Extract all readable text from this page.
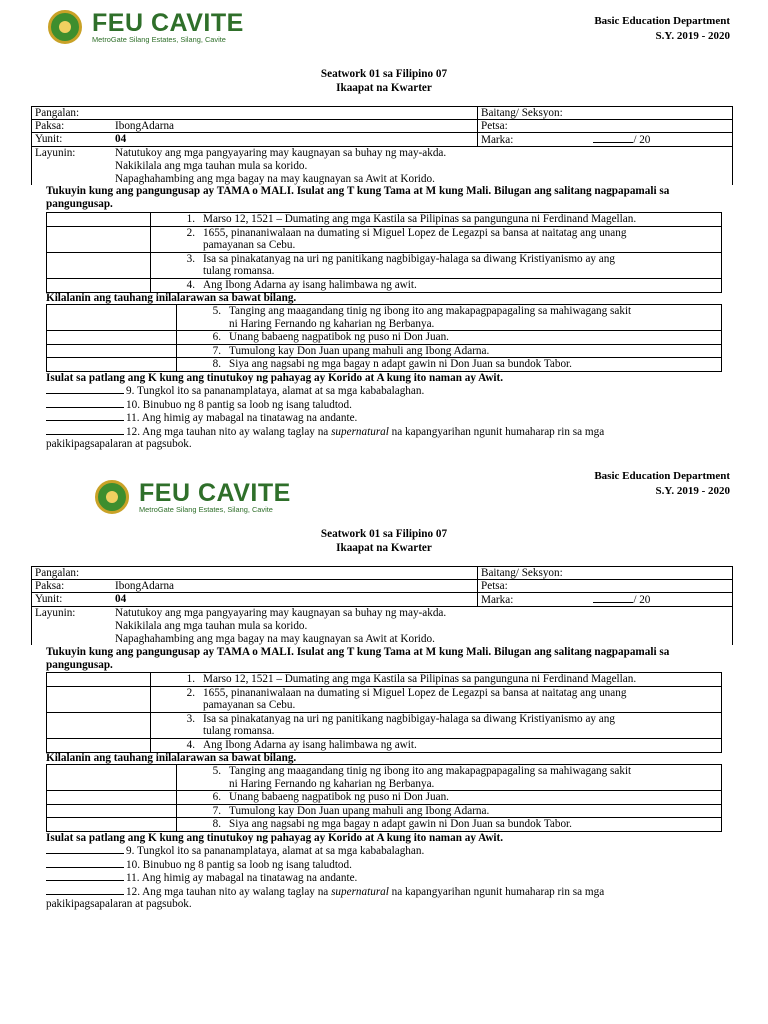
FEU CAVITE
MetroGate Silang Estates, Silang, Cavite
Basic Education Department
S.Y. 2019 - 2020
Seatwork 01 sa Filipino 07
Ikaapat na Kwarter
Pangalan:	Baitang/ Seksyon:
Paksa: IbongAdarna	Petsa:
Yunit: 04	Marka: / 20

Layunin: Natutukoy ang mga pangyayaring may kaugnayan sa buhay ng may-akda.
Nakikilala ang mga tauhan mula sa korido.
Napaghahambing ang mga bagay na may kaugnayan sa Awit at Korido.	
Tukuyin kung ang pangungusap ay TAMA o MALI. Isulat ang T kung Tama at M kung Mali. Bilugan ang salitang nagpapamali sa pangungusap.
	1. Marso 12, 1521 – Dumating ang mga Kastila sa Pilipinas sa pangunguna ni Ferdinand Magellan.
	2. 1655, pinananiwalaan na dumating si Miguel Lopez de Legazpi sa bansa at naitatag ang unang
pamayanan sa Cebu.

	3. Isa sa pinakatanyag na uri ng panitikang nagbibigay-halaga sa diwang Kristiyanismo ay ang
tulang romansa.

	4. Ang Ibong Adarna ay isang halimbawa ng awit.
Kilalanin ang tauhang inilalarawan sa bawat bilang.
	5. Tanging ang maagandang tinig ng ibong ito ang makapagpapagaling sa mahiwagang sakit
ni Haring Fernando ng kaharian ng Berbanya.

	6. Unang babaeng nagpatibok ng puso ni Don Juan.
	7. Tumulong kay Don Juan upang mahuli ang Ibong Adarna.
	8. Siya ang nagsabi ng mga bagay n adapt gawin ni Don Juan sa bundok Tabor.
Isulat sa patlang ang K kung ang tinutukoy ng pahayag ay Korido at A kung ito naman ay Awit.
9. Tungkol ito sa pananamplataya, alamat at sa mga kababalaghan.
10. Binubuo ng 8 pantig sa loob ng isang taludtod.
11. Ang himig ay mabagal na tinatawag na andante.
12. Ang mga tauhan nito ay walang taglay na supernatural na kapangyarihan ngunit humaharap rin sa mga
pakikipagsapalaran at pagsubok.
FEU CAVITE
MetroGate Silang Estates, Silang, Cavite
Basic Education Department
S.Y. 2019 - 2020
Seatwork 01 sa Filipino 07
Ikaapat na Kwarter
Pangalan:	Baitang/ Seksyon:
Paksa: IbongAdarna	Petsa:
Yunit: 04	Marka: / 20

Layunin: Natutukoy ang mga pangyayaring may kaugnayan sa buhay ng may-akda.
Nakikilala ang mga tauhan mula sa korido.
Napaghahambing ang mga bagay na may kaugnayan sa Awit at Korido.	
Tukuyin kung ang pangungusap ay TAMA o MALI. Isulat ang T kung Tama at M kung Mali. Bilugan ang salitang nagpapamali sa pangungusap.
	1. Marso 12, 1521 – Dumating ang mga Kastila sa Pilipinas sa pangunguna ni Ferdinand Magellan.
	2. 1655, pinananiwalaan na dumating si Miguel Lopez de Legazpi sa bansa at naitatag ang unang
pamayanan sa Cebu.

	3. Isa sa pinakatanyag na uri ng panitikang nagbibigay-halaga sa diwang Kristiyanismo ay ang
tulang romansa.

	4. Ang Ibong Adarna ay isang halimbawa ng awit.
Kilalanin ang tauhang inilalarawan sa bawat bilang.
	5. Tanging ang maagandang tinig ng ibong ito ang makapagpapagaling sa mahiwagang sakit
ni Haring Fernando ng kaharian ng Berbanya.

	6. Unang babaeng nagpatibok ng puso ni Don Juan.
	7. Tumulong kay Don Juan upang mahuli ang Ibong Adarna.
	8. Siya ang nagsabi ng mga bagay n adapt gawin ni Don Juan sa bundok Tabor.
Isulat sa patlang ang K kung ang tinutukoy ng pahayag ay Korido at A kung ito naman ay Awit.
9. Tungkol ito sa pananamplataya, alamat at sa mga kababalaghan.
10. Binubuo ng 8 pantig sa loob ng isang taludtod.
11. Ang himig ay mabagal na tinatawag na andante.
12. Ang mga tauhan nito ay walang taglay na supernatural na kapangyarihan ngunit humaharap rin sa mga
pakikipagsapalaran at pagsubok.
